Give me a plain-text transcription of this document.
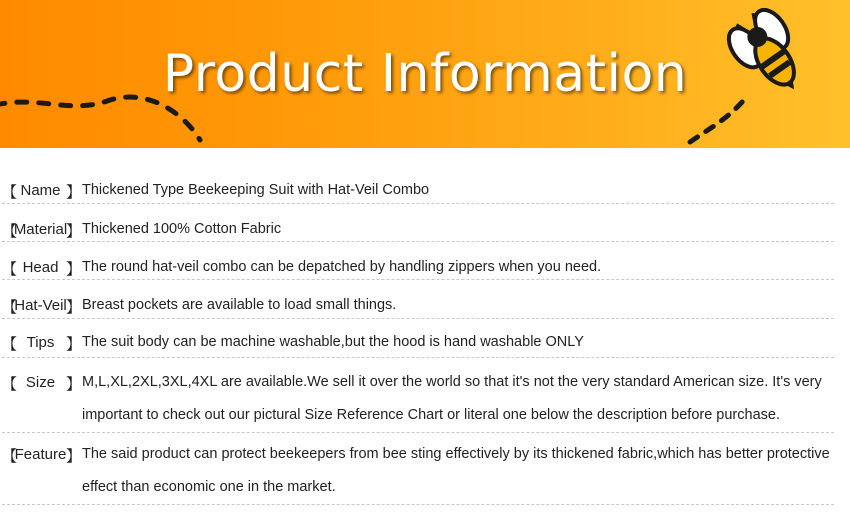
Product Information
【 Name 】 Thickened Type Beekeeping Suit with Hat-Veil Combo
【
Material
】 Thickened 100% Cotton Fabric
【 Head 】 The round hat-veil combo can be depatched by handling zippers when you need.
【
Hat-Veil 】 Breast pockets are available to load small things.
【 Tips 】 The suit body can be machine washable,but the hood is hand washable ONLY
【 Size 】 M,L,XL,2XL,3XL,4XL are available.We sell it over the world so that it's not the very standard American size. It's very
important to check out our pictural Size Reference Chart or literal one below the description before purchase.
【
Feature 】 The said product can protect beekeepers from bee sting effectively by its thickened fabric,which has better protective
effect than economic one in the market.
